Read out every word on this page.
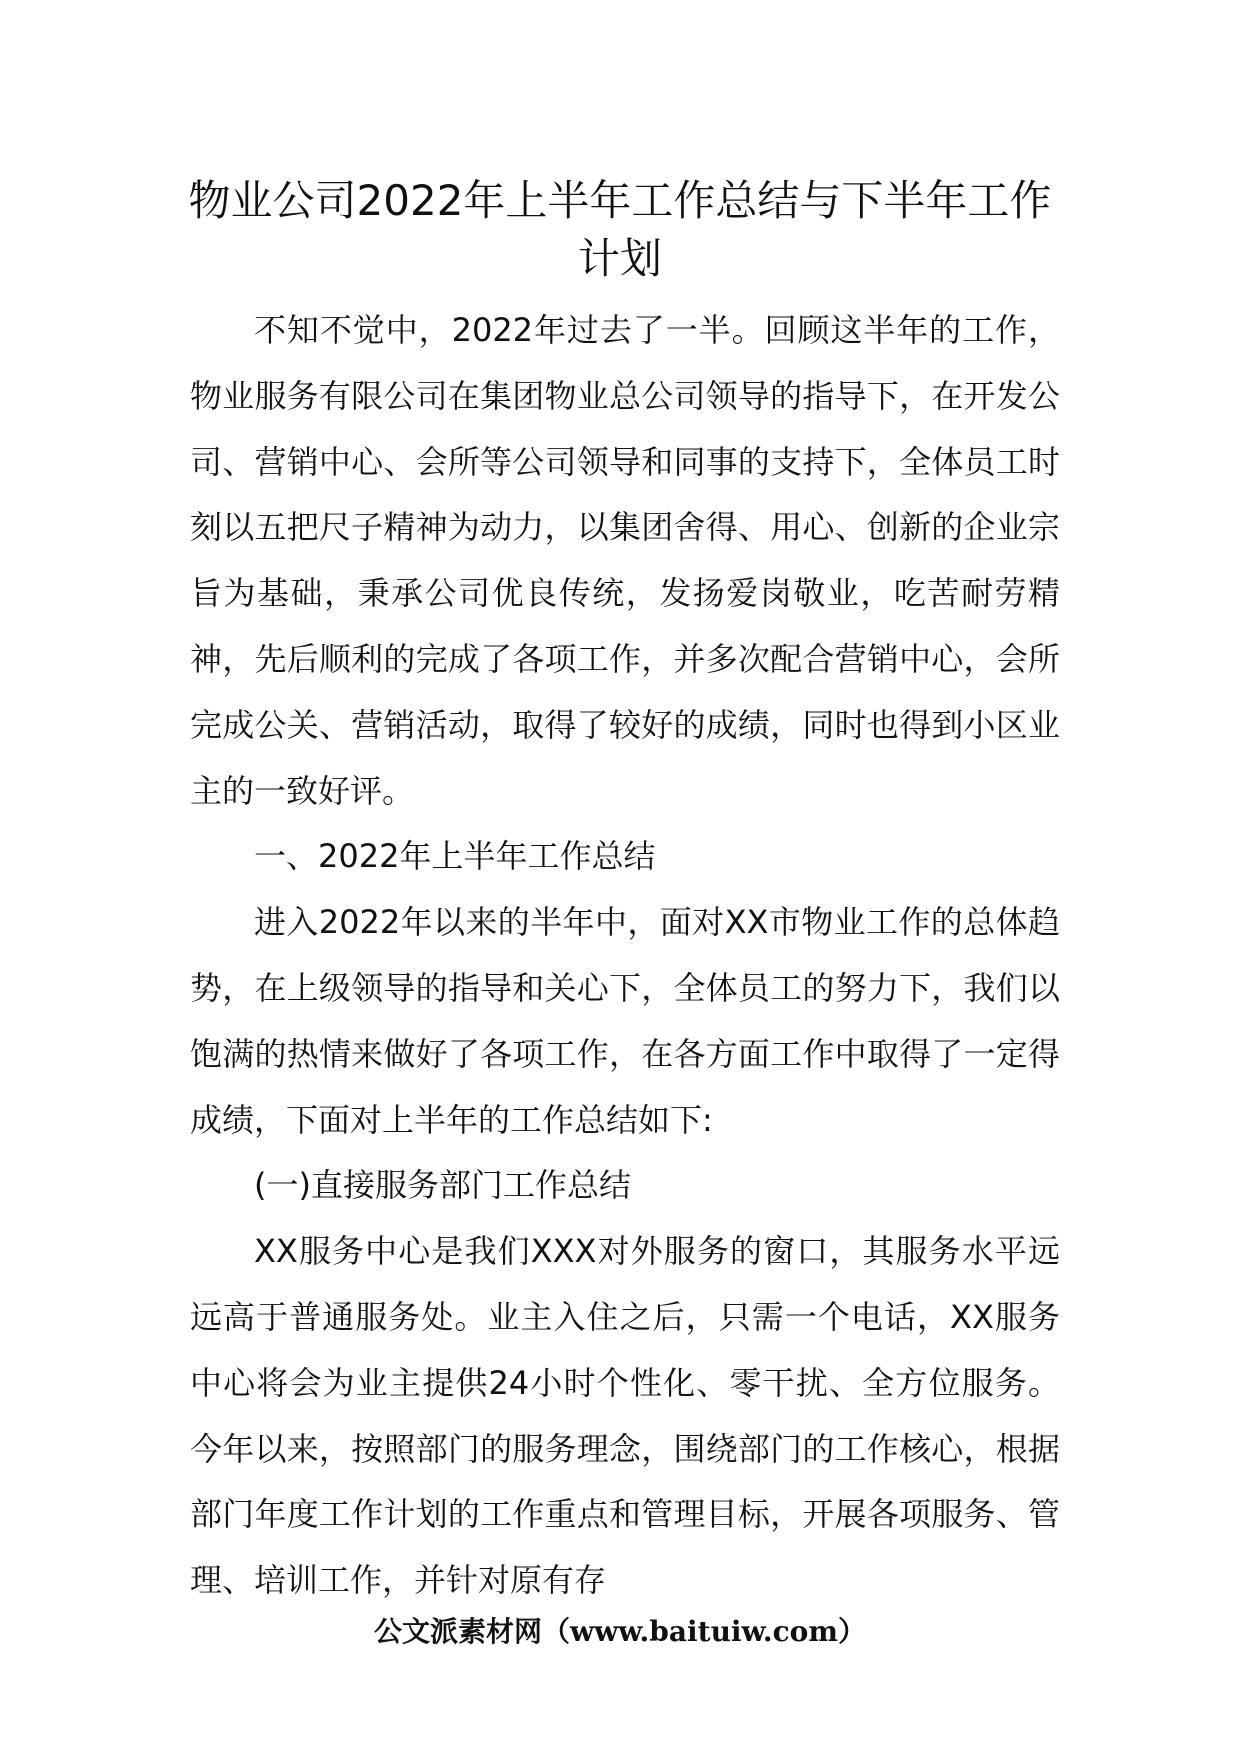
物业公司2022年上半年工作总结与下半年工作计划

不知不觉中，2022年过去了一半。回顾这半年的工作，物业服务有限公司在集团物业总公司领导的指导下，在开发公司、营销中心、会所等公司领导和同事的支持下，全体员工时刻以五把尺子精神为动力，以集团舍得、用心、创新的企业宗旨为基础，秉承公司优良传统，发扬爱岗敬业，吃苦耐劳精神，先后顺利的完成了各项工作，并多次配合营销中心，会所完成公关、营销活动，取得了较好的成绩，同时也得到小区业主的一致好评。

一、2022年上半年工作总结

进入2022年以来的半年中，面对XX市物业工作的总体趋势，在上级领导的指导和关心下，全体员工的努力下，我们以饱满的热情来做好了各项工作，在各方面工作中取得了一定得成绩，下面对上半年的工作总结如下:

(一)直接服务部门工作总结

XX服务中心是我们XXX对外服务的窗口，其服务水平远远高于普通服务处。业主入住之后，只需一个电话，XX服务中心将会为业主提供24小时个性化、零干扰、全方位服务。今年以来，按照部门的服务理念，围绕部门的工作核心，根据部门年度工作计划的工作重点和管理目标，开展各项服务、管理、培训工作，并针对原有存

公文派素材网（www.baituiw.com）
